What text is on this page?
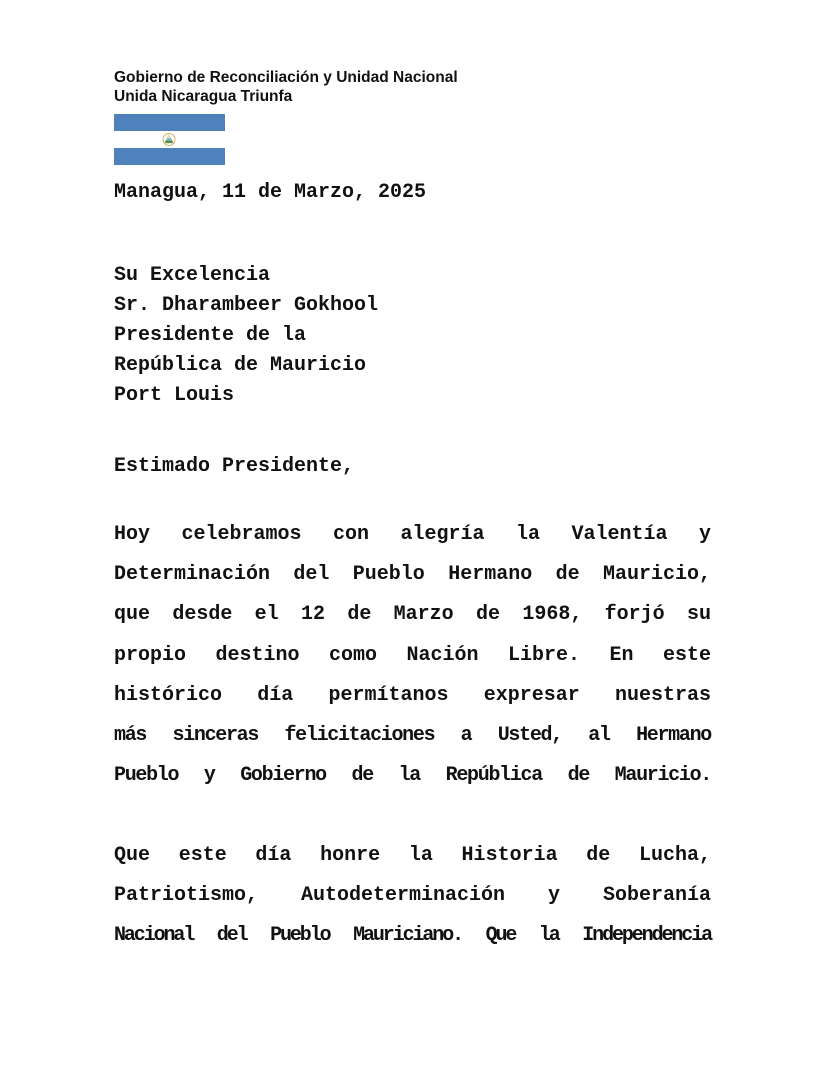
Gobierno de Reconciliación y Unidad Nacional
Unida Nicaragua Triunfa
Managua, 11 de Marzo, 2025
Su Excelencia
Sr. Dharambeer Gokhool
Presidente de la
República de Mauricio
Port Louis
Estimado Presidente,
Hoy celebramos con alegría la Valentía y
Determinación del Pueblo Hermano de Mauricio,
que desde el 12 de Marzo de 1968, forjó su
propio destino como Nación Libre. En este
histórico día permítanos expresar nuestras
más sinceras felicitaciones a Usted, al Hermano
Pueblo y Gobierno de la República de Mauricio.
Que este día honre la Historia de Lucha,
Patriotismo, Autodeterminación y Soberanía
Nacional del Pueblo Mauriciano. Que la Independencia
